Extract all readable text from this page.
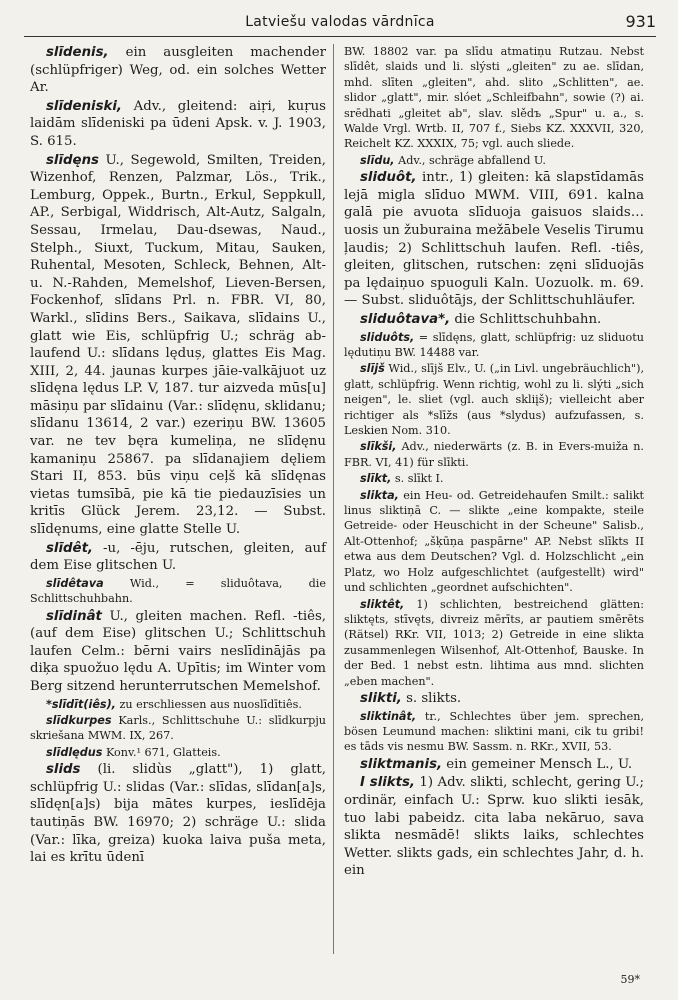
Latviešu valodas vārdnīca	931

slīdenis, ein ausgleiten machender (schlüpfriger) Weg, od. ein solches Wetter Ar.

slīdeniski, Adv., gleitend: aiṛi, kuṛus laidām slīdeniski pa ūdeni Apsk. v. J. 1903, S. 615.

slīdęns U., Segewold, Smilten, Treiden, Wizenhof, Renzen, Palzmar, Lös., Trik., Lemburg, Oppek., Burtn., Erkul, Seppkull, AP., Serbigal, Widdrisch, Alt-Autz, Salgaln, Sessau, Irmelau, Dau-dsewas, Naud., Stelph., Siuxt, Tuckum, Mitau, Sauken, Ruhental, Mesoten, Schleck, Behnen, Alt- u. N.-Rahden, Memelshof, Lieven-Bersen, Fockenhof, slīdans Prl. n. FBR. VI, 80, Warkl., slīdins Bers., Saikava, slīdains U., glatt wie Eis, schlüpfrig U.; schräg ab-laufend U.: slīdans lęduș, glattes Eis Mag. XIII, 2, 44. jaunas kurpes jāie-valkājuot uz slīdęna lędus LP. V, 187. tur aizveda mūs[u] māsiņu par slīdainu (Var.: slīdęnu, sklidanu; slīdanu 13614, 2 var.) ezeriņu BW. 13605 var. ne tev bęra kumeliņa, ne slīdęnu kamaniņu 25867. pa slīdanajiem dęliem Stari II, 853. būs viņu ceļš kā slīdęnas vietas tumsībā, pie kā tie piedauzīsies un kritīs Glück Jerem. 23,12. — Subst. slīdęnums, eine glatte Stelle U.

slīdêt, -u, -ēju, rutschen, gleiten, auf dem Eise glitschen U.

slīdêtava Wid., = sliduôtava, die Schlittschuhbahn.

slīdinât U., gleiten machen. Refl. -tiês, (auf dem Eise) glitschen U.; Schlittschuh laufen Celm.: bērni vairs neslīdinājās pa diķa spuožuo lędu A. Upītis; im Winter vom Berg sitzend herunterrutschen Memelshof.

*slīdīt(iês), zu erschliessen aus nuoslīdītiês.

slīdkurpes Karls., Schlittschuhe U.: slīdkurpju skriešana MWM. IX, 267.

slīdlędus Konv.¹ 671, Glatteis.

slids (li. slidùs „glatt"), 1) glatt, schlüpfrig U.: slidas (Var.: slīdas, slīdan[a]s, slīdęn[a]s) bija mātes kurpes, ieslīdēja tautiņās BW. 16970; 2) schräge U.: slida (Var.: līka, greiza) kuoka laiva puša meta, lai es krītu ūdenī

BW. 18802 var. pa slīdu atmatiņu Rutzau. Nebst slīdêt, slaids und li. slýsti „gleiten" zu ae. slīdan, mhd. slīten „gleiten", ahd. slito „Schlitten", ae. slidor „glatt", mir. slóet „Schleifbahn", sowie (?) ai. srēdhati „gleitet ab", slav. slědъ „Spur" u. a., s. Walde Vrgl. Wrtb. II, 707 f., Siebs KZ. XXXVII, 320, Reichelt KZ. XXXIX, 75; vgl. auch sliede.

slīdu, Adv., schräge abfallend U.

sliduôt, intr., 1) gleiten: kā slapstīdamās lejā migla slīduo MWM. VIII, 691. kalna galā pie avuota slīduoja gaisuos slaids… uosis un žuburaina mežābele Veselis Tirumu ļaudis; 2) Schlittschuh laufen. Refl. -tiês, gleiten, glitschen, rutschen: zęni slīduojās pa lędaiņuo spuoguli Kaln. Uozuolk. m. 69. — Subst. sliduôtājs, der Schlittschuhläufer.

sliduôtava*, die Schlittschuhbahn.

sliduôts, = slīdęns, glatt, schlüpfrig: uz sliduotu lędutiņu BW. 14488 var.

slījš Wid., slījš Elv., U. („in Livl. ungebräuchlich"), glatt, schlüpfrig. Wenn richtig, wohl zu li. slýti „sich neigen", le. sliet (vgl. auch skliįš); vielleicht aber richtiger als *slīžs (aus *slydus) aufzufassen, s. Leskien Nom. 310.

slīkši, Adv., niederwärts (z. B. in Evers-muiža n. FBR. VI, 41) für slīkti.

slīkt, s. slīkt I.

slikta, ein Heu- od. Getreidehaufen Smilt.: salikt linus sliktiņā C. — slikte „eine kompakte, steile Getreide- oder Heuschicht in der Scheune" Salisb., Alt-Ottenhof; „šķūņa paspārne" AP. Nebst slīkts II etwa aus dem Deutschen? Vgl. d. Holzschlicht „ein Platz, wo Holz aufgeschlichtet (aufgestellt) wird" und schlichten „geordnet aufschichten".

sliktêt, 1) schlichten, bestreichend glätten: sliktęts, stīvęts, divreiz mērīts, ar pautiem smērēts (Rätsel) RKr. VII, 1013; 2) Getreide in eine slikta zusammenlegen Wilsenhof, Alt-Ottenhof, Bauske. In der Bed. 1 nebst estn. lihtima aus mnd. slichten „eben machen".

slikti, s. slikts.

sliktinât, tr., Schlechtes über jem. sprechen, bösen Leumund machen: sliktini mani, cik tu gribi! es tāds vis nesmu BW. Sassm. n. RKr., XVII, 53.

sliktmanis, ein gemeiner Mensch L., U.

I slikts, 1) Adv. slikti, schlecht, gering U.; ordinär, einfach U.: Sprw. kuo slikti iesāk, tuo labi pabeidz. cita laba nekāruo, sava slikta nesmādē! slikts laiks, schlechtes Wetter. slikts gads, ein schlechtes Jahr, d. h. ein

59*
